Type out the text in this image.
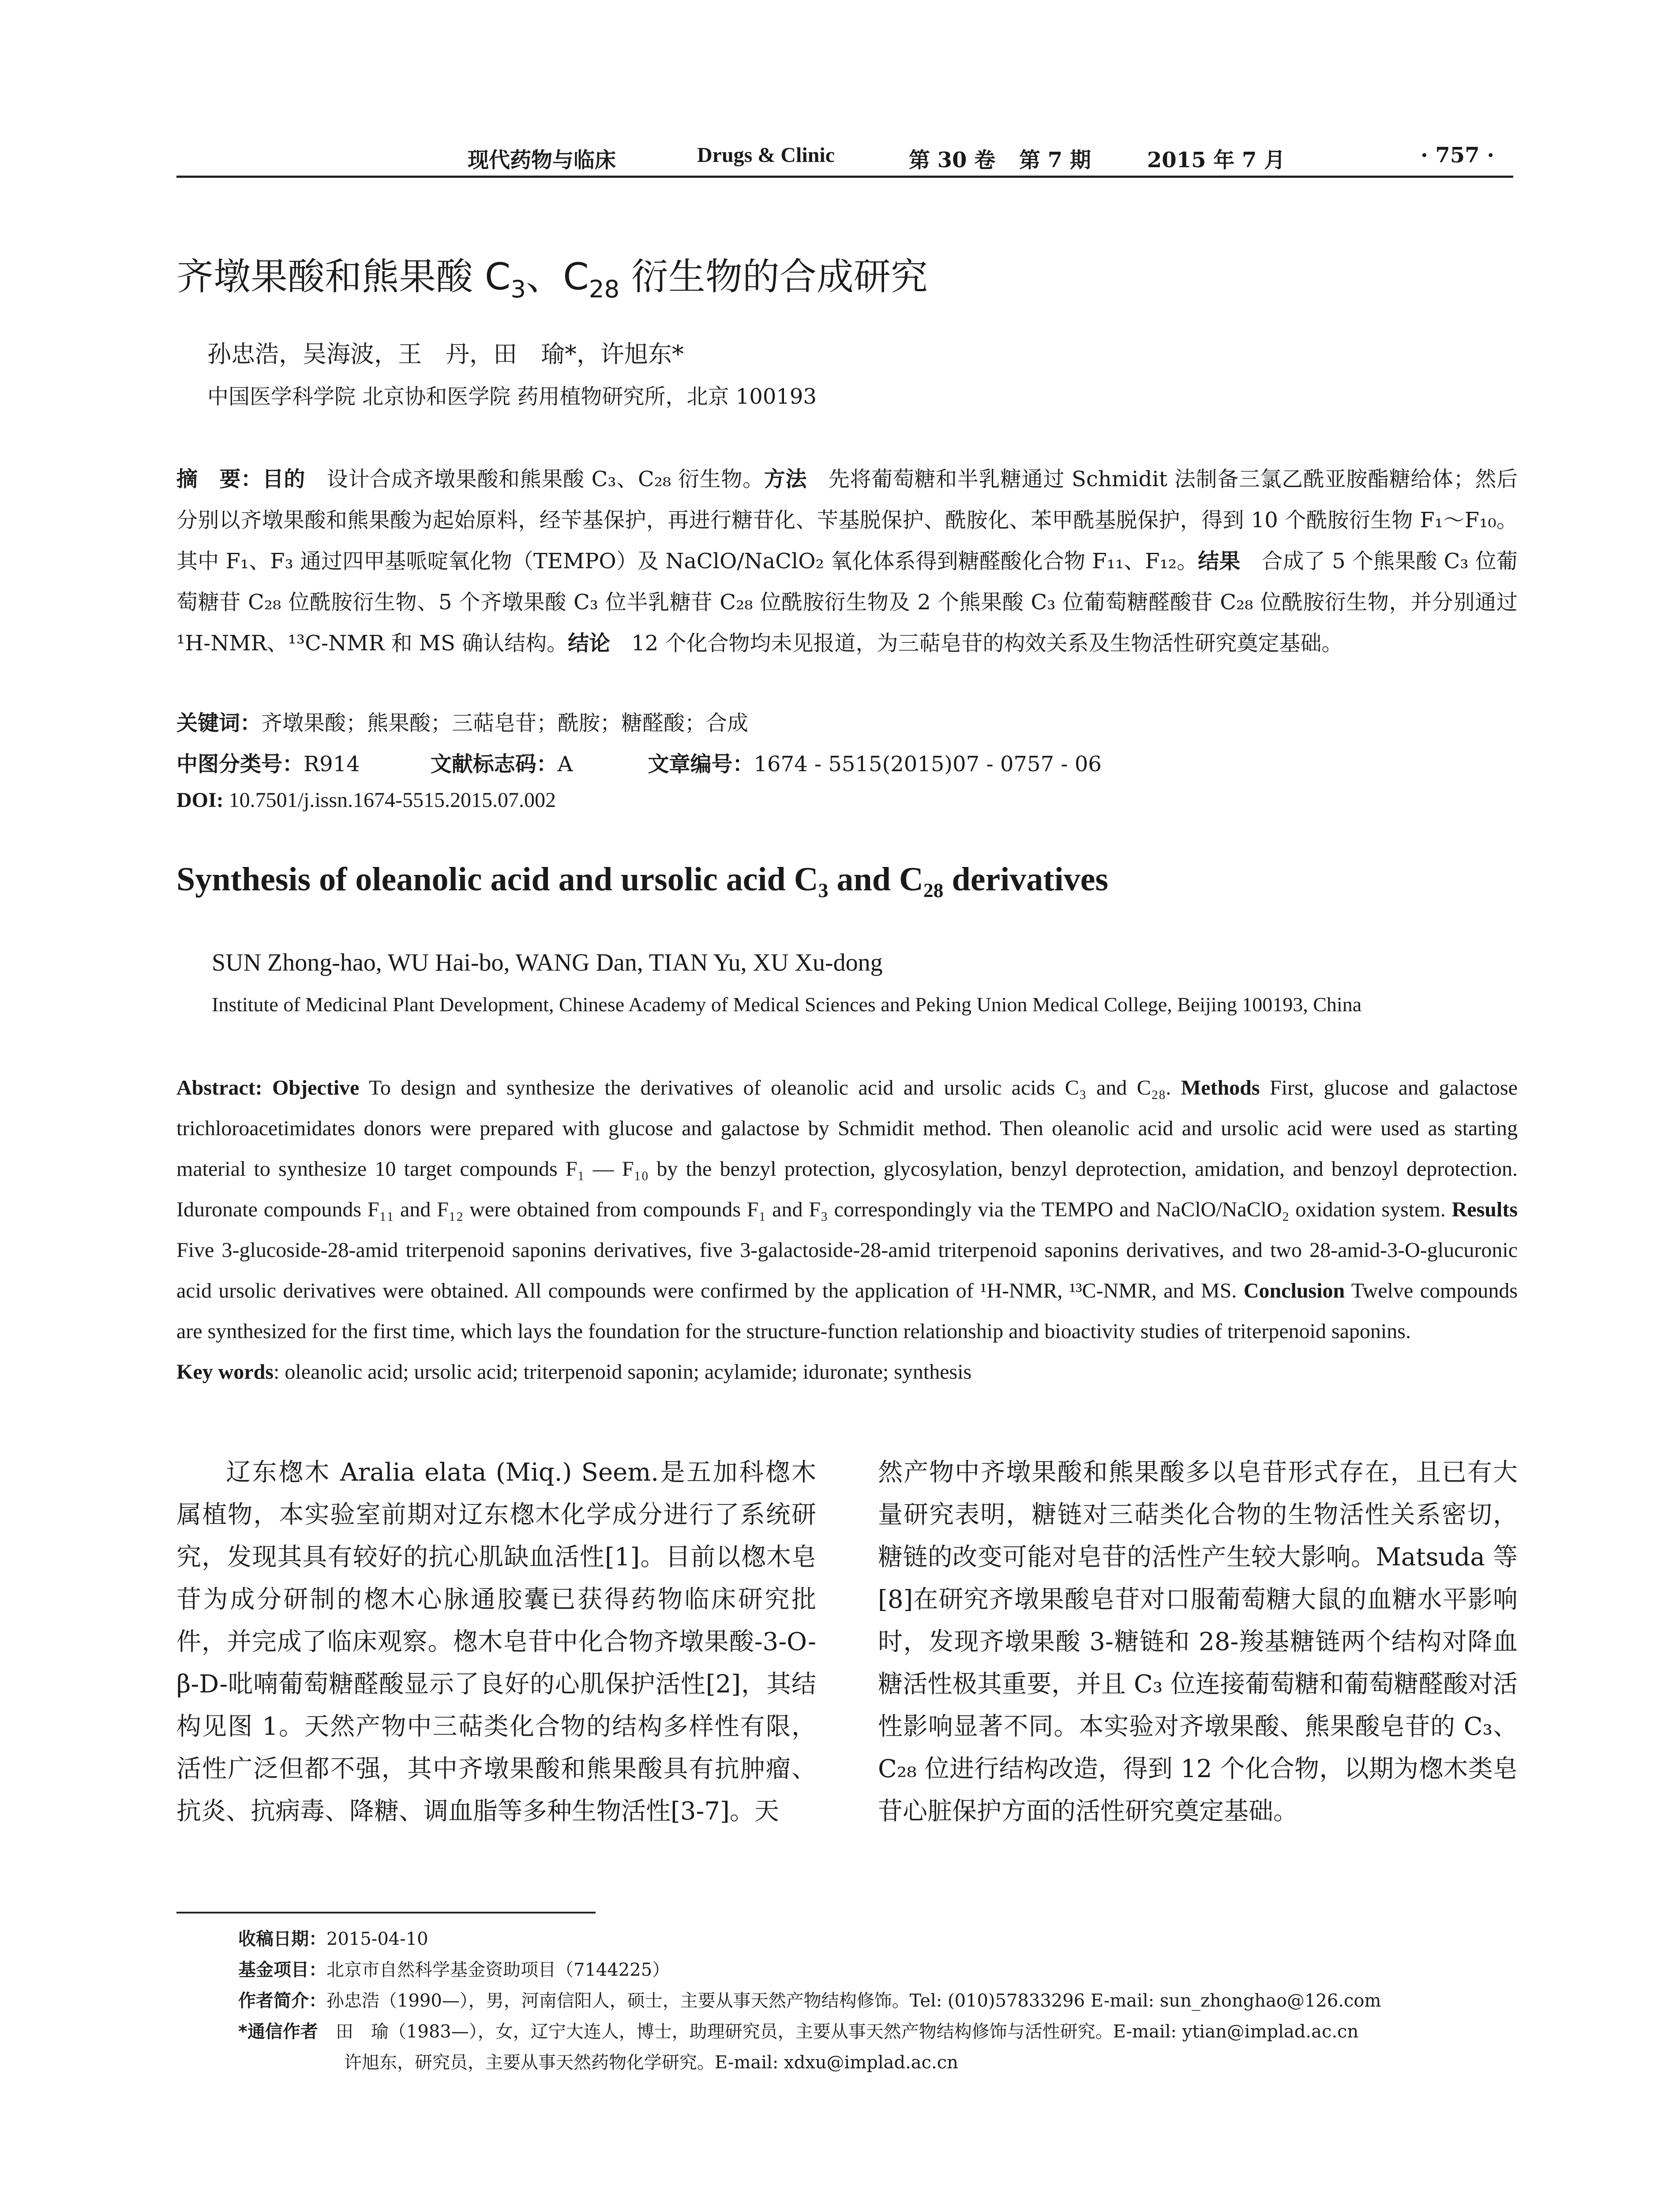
现代药物与临床	Drugs & Clinic	第 30 卷 第 7 期	2015 年 7 月	· 757 ·
齐墩果酸和熊果酸 $C_3$、$C_{28}$ 衍生物的合成研究
孙忠浩，吴海波，王　丹，田　瑜*，许旭东*
中国医学科学院 北京协和医学院 药用植物研究所，北京 100193
摘　要：目的　设计合成齐墩果酸和熊果酸 C₃、C₂₈ 衍生物。方法　先将葡萄糖和半乳糖通过 Schmidit 法制备三氯乙酰亚胺酯糖给体；然后分别以齐墩果酸和熊果酸为起始原料，经苄基保护，再进行糖苷化、苄基脱保护、酰胺化、苯甲酰基脱保护，得到 10 个酰胺衍生物 F₁～F₁₀。其中 F₁、F₃ 通过四甲基哌啶氧化物（TEMPO）及 NaClO/NaClO₂ 氧化体系得到糖醛酸化合物 F₁₁、F₁₂。结果　合成了 5 个熊果酸 C₃ 位葡萄糖苷 C₂₈ 位酰胺衍生物、5 个齐墩果酸 C₃ 位半乳糖苷 C₂₈ 位酰胺衍生物及 2 个熊果酸 C₃ 位葡萄糖醛酸苷 C₂₈ 位酰胺衍生物，并分别通过 ¹H-NMR、¹³C-NMR 和 MS 确认结构。结论　12 个化合物均未见报道，为三萜皂苷的构效关系及生物活性研究奠定基础。
关键词：齐墩果酸；熊果酸；三萜皂苷；酰胺；糖醛酸；合成
中图分类号：R914	文献标志码：A	文章编号：1674 - 5515(2015)07 - 0757 - 06
DOI: 10.7501/j.issn.1674-5515.2015.07.002
Synthesis of oleanolic acid and ursolic acid C₃ and C₂₈ derivatives
SUN Zhong-hao, WU Hai-bo, WANG Dan, TIAN Yu, XU Xu-dong
Institute of Medicinal Plant Development, Chinese Academy of Medical Sciences and Peking Union Medical College, Beijing 100193, China
Abstract: Objective To design and synthesize the derivatives of oleanolic acid and ursolic acids C₃ and C₂₈. Methods First, glucose and galactose trichloroacetimidates donors were prepared with glucose and galactose by Schmidit method. Then oleanolic acid and ursolic acid were used as starting material to synthesize 10 target compounds F₁ — F₁₀ by the benzyl protection, glycosylation, benzyl deprotection, amidation, and benzoyl deprotection. Iduronate compounds F₁₁ and F₁₂ were obtained from compounds F₁ and F₃ correspondingly via the TEMPO and NaClO/NaClO₂ oxidation system. Results Five 3-glucoside-28-amid triterpenoid saponins derivatives, five 3-galactoside-28-amid triterpenoid saponins derivatives, and two 28-amid-3-O-glucuronic acid ursolic derivatives were obtained. All compounds were confirmed by the application of ¹H-NMR, ¹³C-NMR, and MS. Conclusion Twelve compounds are synthesized for the first time, which lays the foundation for the structure-function relationship and bioactivity studies of triterpenoid saponins.
Key words: oleanolic acid; ursolic acid; triterpenoid saponin; acylamide; iduronate; synthesis
辽东楤木 Aralia elata (Miq.) Seem.是五加科楤木属植物，本实验室前期对辽东楤木化学成分进行了系统研究，发现其具有较好的抗心肌缺血活性[1]。目前以楤木皂苷为成分研制的楤木心脉通胶囊已获得药物临床研究批件，并完成了临床观察。楤木皂苷中化合物齐墩果酸-3-O-β-D-吡喃葡萄糖醛酸显示了良好的心肌保护活性[2]，其结构见图 1。天然产物中三萜类化合物的结构多样性有限，活性广泛但都不强，其中齐墩果酸和熊果酸具有抗肿瘤、抗炎、抗病毒、降糖、调血脂等多种生物活性[3-7]。天
然产物中齐墩果酸和熊果酸多以皂苷形式存在，且已有大量研究表明，糖链对三萜类化合物的生物活性关系密切，糖链的改变可能对皂苷的活性产生较大影响。Matsuda 等[8]在研究齐墩果酸皂苷对口服葡萄糖大鼠的血糖水平影响时，发现齐墩果酸 3-糖链和 28-羧基糖链两个结构对降血糖活性极其重要，并且 C₃ 位连接葡萄糖和葡萄糖醛酸对活性影响显著不同。本实验对齐墩果酸、熊果酸皂苷的 C₃、C₂₈ 位进行结构改造，得到 12 个化合物，以期为楤木类皂苷心脏保护方面的活性研究奠定基础。
收稿日期：2015-04-10
基金项目：北京市自然科学基金资助项目（7144225）
作者简介：孙忠浩（1990—），男，河南信阳人，硕士，主要从事天然产物结构修饰。Tel: (010)57833296 E-mail: sun_zhonghao@126.com
*通信作者　田　瑜（1983—），女，辽宁大连人，博士，助理研究员，主要从事天然产物结构修饰与活性研究。E-mail: ytian@implad.ac.cn
许旭东，研究员，主要从事天然药物化学研究。E-mail: xdxu@implad.ac.cn
